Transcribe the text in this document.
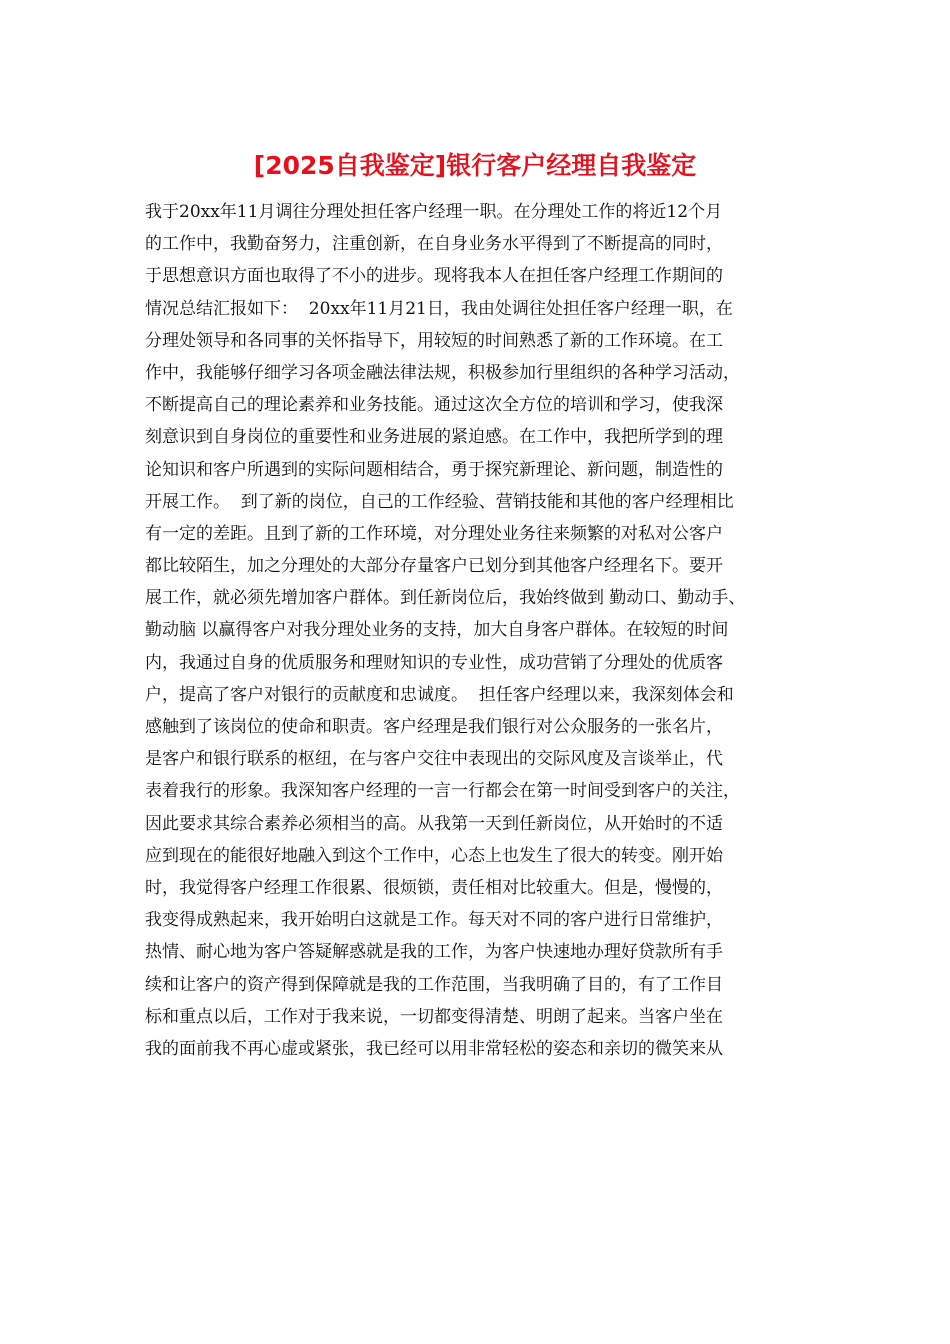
[2025自我鉴定]银行客户经理自我鉴定
我于20xx年11月调往分理处担任客户经理一职。在分理处工作的将近12个月
的工作中，我勤奋努力，注重创新，在自身业务水平得到了不断提高的同时，
于思想意识方面也取得了不小的进步。现将我本人在担任客户经理工作期间的
情况总结汇报如下：  20xx年11月21日，我由处调往处担任客户经理一职，在
分理处领导和各同事的关怀指导下，用较短的时间熟悉了新的工作环境。在工
作中，我能够仔细学习各项金融法律法规，积极参加行里组织的各种学习活动，
不断提高自己的理论素养和业务技能。通过这次全方位的培训和学习，使我深
刻意识到自身岗位的重要性和业务进展的紧迫感。在工作中，我把所学到的理
论知识和客户所遇到的实际问题相结合，勇于探究新理论、新问题，制造性的
开展工作。  到了新的岗位，自己的工作经验、营销技能和其他的客户经理相比
有一定的差距。且到了新的工作环境，对分理处业务往来频繁的对私对公客户
都比较陌生，加之分理处的大部分存量客户已划分到其他客户经理名下。要开
展工作，就必须先增加客户群体。到任新岗位后，我始终做到 勤动口、勤动手、
勤动脑 以赢得客户对我分理处业务的支持，加大自身客户群体。在较短的时间
内，我通过自身的优质服务和理财知识的专业性，成功营销了分理处的优质客
户，提高了客户对银行的贡献度和忠诚度。  担任客户经理以来，我深刻体会和
感触到了该岗位的使命和职责。客户经理是我们银行对公众服务的一张名片，
是客户和银行联系的枢纽，在与客户交往中表现出的交际风度及言谈举止，代
表着我行的形象。我深知客户经理的一言一行都会在第一时间受到客户的关注，
因此要求其综合素养必须相当的高。从我第一天到任新岗位，从开始时的不适
应到现在的能很好地融入到这个工作中，心态上也发生了很大的转变。刚开始
时，我觉得客户经理工作很累、很烦锁，责任相对比较重大。但是，慢慢的，
我变得成熟起来，我开始明白这就是工作。每天对不同的客户进行日常维护，
热情、耐心地为客户答疑解惑就是我的工作，为客户快速地办理好贷款所有手
续和让客户的资产得到保障就是我的工作范围，当我明确了目的，有了工作目
标和重点以后，工作对于我来说，一切都变得清楚、明朗了起来。当客户坐在
我的面前我不再心虚或紧张，我已经可以用非常轻松的姿态和亲切的微笑来从
